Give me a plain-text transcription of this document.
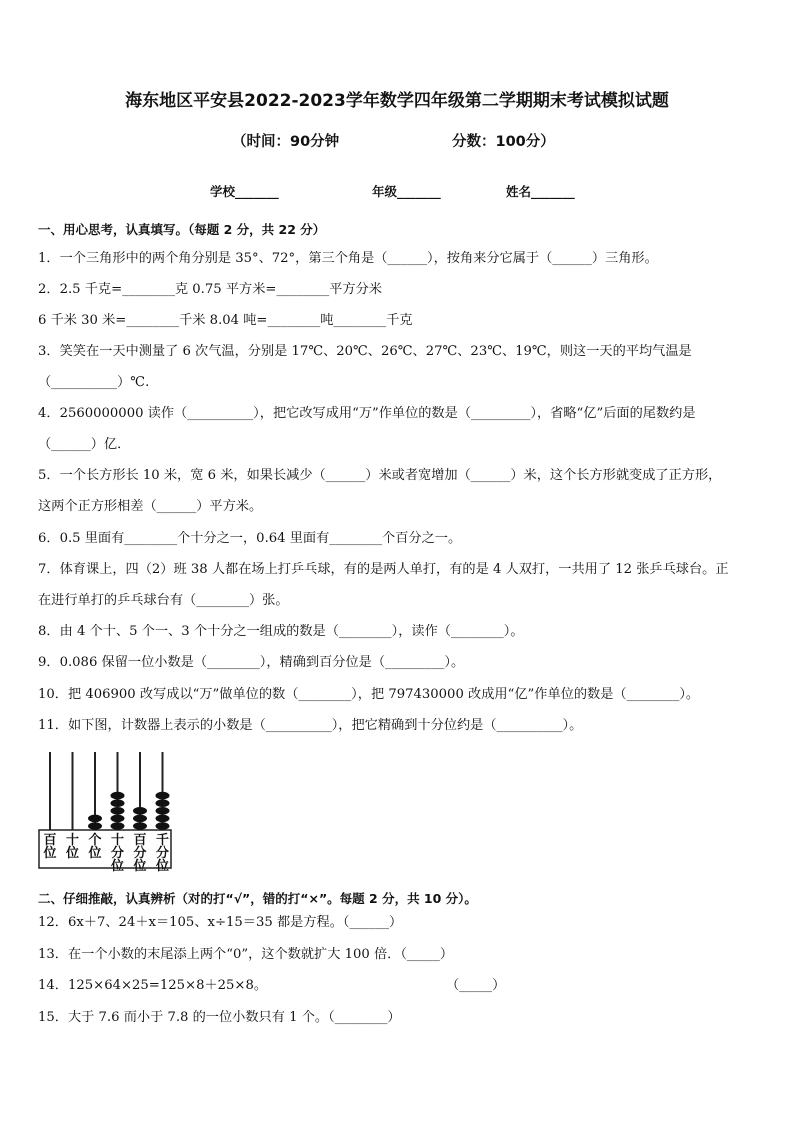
海东地区平安县2022-2023学年数学四年级第二学期期末考试模拟试题
（时间：90分钟	分数：100分）
学校_______	年级_______	姓名_______
一、用心思考，认真填写。（每题 2 分，共 22 分）
1．一个三角形中的两个角分别是 35°、72°，第三个角是（______），按角来分它属于（______）三角形。
2．2.5 千克=________克 0.75 平方米=________平方分米
6 千米 30 米=________千米 8.04 吨=________吨________千克
3．笑笑在一天中测量了 6 次气温，分别是 17℃、20℃、26℃、27℃、23℃、19℃，则这一天的平均气温是
（__________）℃.
4．2560000000 读作（__________），把它改写成用“万”作单位的数是（_________），省略“亿”后面的尾数约是
（______）亿．
5．一个长方形长 10 米，宽 6 米，如果长减少（______）米或者宽增加（______）米，这个长方形就变成了正方形，
这两个正方形相差（______）平方米。
6．0.5 里面有________个十分之一，0.64 里面有________个百分之一。
7．体育课上，四（2）班 38 人都在场上打乒乓球，有的是两人单打，有的是 4 人双打，一共用了 12 张乒乓球台。正
在进行单打的乒乓球台有（________）张。
8．由 4 个十、5 个一、3 个十分之一组成的数是（________），读作（________）。
9．0.086 保留一位小数是（________），精确到百分位是（_________）。
10．把 406900 改写成以“万”做单位的数（________），把 797430000 改成用“亿”作单位的数是（________）。
11．如下图，计数器上表示的小数是（__________），把它精确到十分位约是（__________）。
百
位
十
位
个
位
十
分
位
百
分
位
千
分
位
二、仔细推敲，认真辨析（对的打“√”，错的打“×”。每题 2 分，共 10 分）。
12．6x＋7、24＋x＝105、x÷15＝35 都是方程。（______）
13．在一个小数的末尾添上两个“0”，这个数就扩大 100 倍．（_____）
14．125×64×25=125×8＋25×8。	（_____）
15．大于 7.6 而小于 7.8 的一位小数只有 1 个。（________）
